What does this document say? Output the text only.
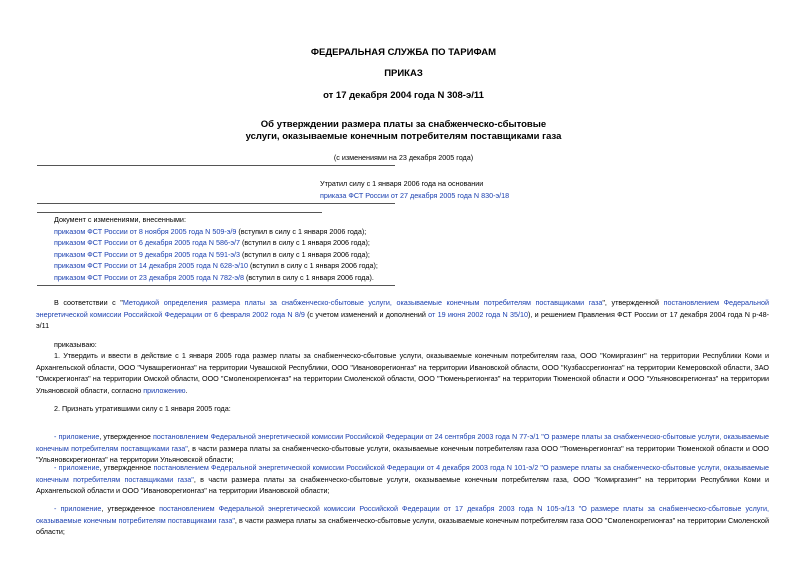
ФЕДЕРАЛЬНАЯ СЛУЖБА ПО ТАРИФАМ
ПРИКАЗ
от 17 декабря 2004 года N 308-э/11
Об утверждении размера платы за снабженческо-сбытовые
услуги, оказываемые конечным потребителям поставщиками газа
(с изменениями на 23 декабря 2005 года)
Утратил силу с 1 января 2006 года на основании
приказа ФСТ России от 27 декабря 2005 года N 830-э/18
Документ с изменениями, внесенными:
приказом ФСТ России от 8 ноября 2005 года N 509-э/9 (вступил в силу с 1 января 2006 года);
приказом ФСТ России от 6 декабря 2005 года N 586-э/7 (вступил в силу с 1 января 2006 года);
приказом ФСТ России от 9 декабря 2005 года N 591-э/3 (вступил в силу с 1 января 2006 года);
приказом ФСТ России от 14 декабря 2005 года N 628-э/10 (вступил в силу с 1 января 2006 года);
приказом ФСТ России от 23 декабря 2005 года N 782-э/8 (вступил в силу с 1 января 2006 года).
В соответствии с "Методикой определения размера платы за снабженческо-сбытовые услуги, оказываемые конечным потребителям поставщиками газа", утвержденной постановлением Федеральной энергетической комиссии Российской Федерации от 6 февраля 2002 года N 8/9 (с учетом изменений и дополнений от 19 июня 2002 года N 35/10), и решением Правления ФСТ России от 17 декабря 2004 года N р-48-э/11
приказываю:
1. Утвердить и ввести в действие с 1 января 2005 года размер платы за снабженческо-сбытовые услуги, оказываемые конечным потребителям газа, ООО "Комиргазинг" на территории Республики Коми и Архангельской области, ООО "Чувашрегионгаз" на территории Чувашской Республики, ООО "Ивановорегионгаз" на территории Ивановской области, ООО "Кузбассрегионгаз" на территории Кемеровской области, ЗАО "Омскрегионгаз" на территории Омской области, ООО "Смоленскрегионгаз" на территории Смоленской области, ООО "Тюменьрегионгаз" на территории Тюменской области и ООО "Ульяновскрегионгаз" на территории Ульяновской области, согласно приложению.
2. Признать утратившими силу с 1 января 2005 года:
- приложение, утвержденное постановлением Федеральной энергетической комиссии Российской Федерации от 24 сентября 2003 года N 77-э/1 "О размере платы за снабженческо-сбытовые услуги, оказываемые конечным потребителям поставщиками газа", в части размера платы за снабженческо-сбытовые услуги, оказываемые конечным потребителям газа ООО "Тюменьрегионгаз" на территории Тюменской области и ООО "Ульяновскрегионгаз" на территории Ульяновской области;
- приложение, утвержденное постановлением Федеральной энергетической комиссии Российской Федерации от 4 декабря 2003 года N 101-э/2 "О размере платы за снабженческо-сбытовые услуги, оказываемые конечным потребителям поставщиками газа", в части размера платы за снабженческо-сбытовые услуги, оказываемые конечным потребителям газа, ООО "Комиргазинг" на территории Республики Коми и Архангельской области и ООО "Ивановорегионгаз" на территории Ивановской области;
- приложение, утвержденное постановлением Федеральной энергетической комиссии Российской Федерации от 17 декабря 2003 года N 105-э/13 "О размере платы за снабженческо-сбытовые услуги, оказываемые конечным потребителям поставщиками газа", в части размера платы за снабженческо-сбытовые услуги, оказываемые конечным потребителям газа ООО "Смоленскрегионгаз" на территории Смоленской области;
